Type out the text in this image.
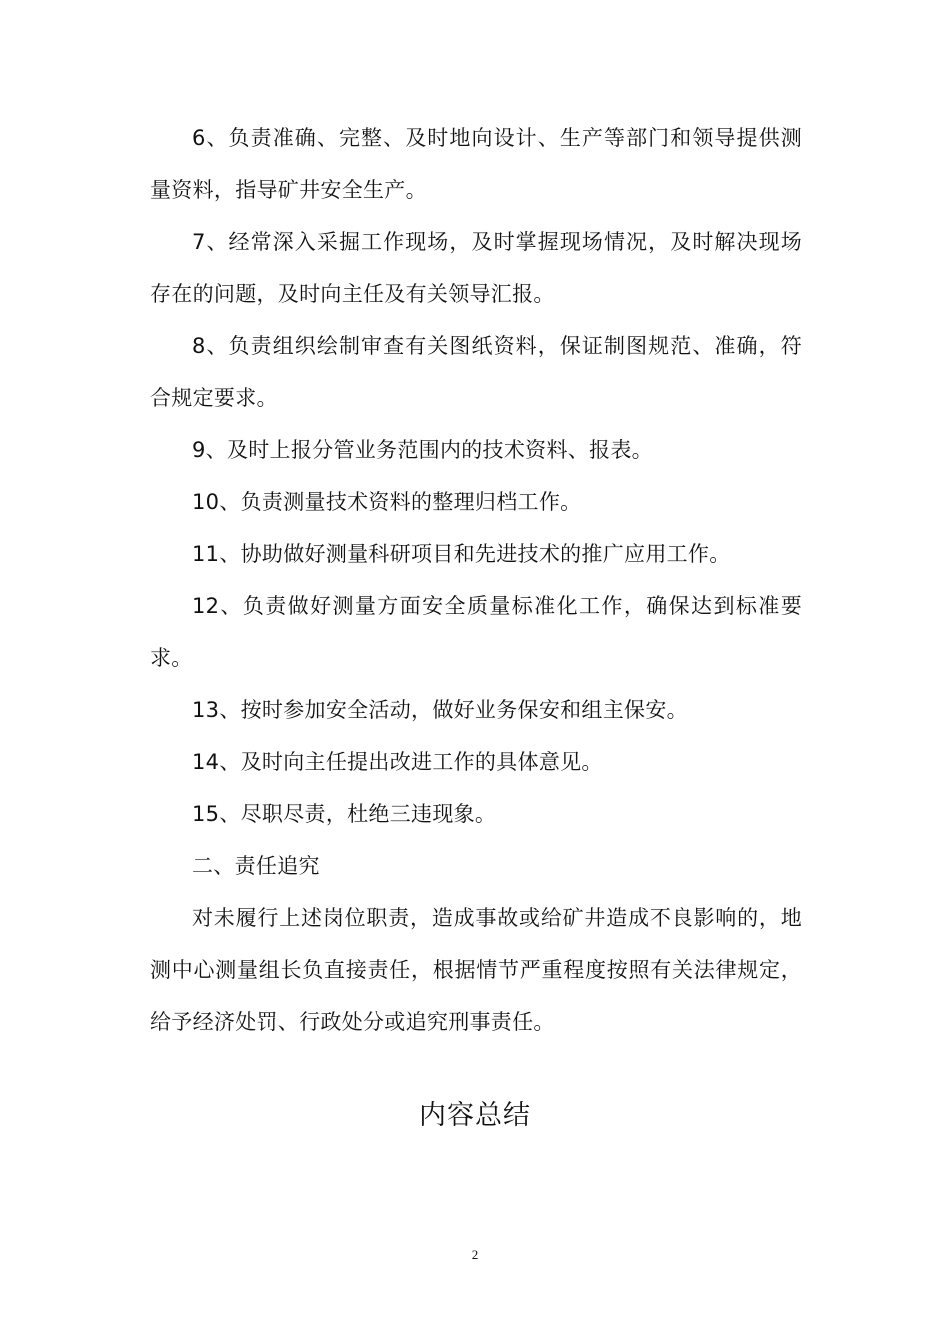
6、负责准确、完整、及时地向设计、生产等部门和领导提供测量资料，指导矿井安全生产。

7、经常深入采掘工作现场，及时掌握现场情况，及时解决现场存在的问题，及时向主任及有关领导汇报。

8、负责组织绘制审查有关图纸资料，保证制图规范、准确，符合规定要求。

9、及时上报分管业务范围内的技术资料、报表。

10、负责测量技术资料的整理归档工作。

11、协助做好测量科研项目和先进技术的推广应用工作。

12、负责做好测量方面安全质量标准化工作，确保达到标准要求。

13、按时参加安全活动，做好业务保安和组主保安。

14、及时向主任提出改进工作的具体意见。

15、尽职尽责，杜绝三违现象。

二、责任追究

对未履行上述岗位职责，造成事故或给矿井造成不良影响的，地测中心测量组长负直接责任，根据情节严重程度按照有关法律规定，给予经济处罚、行政处分或追究刑事责任。

内容总结
2
